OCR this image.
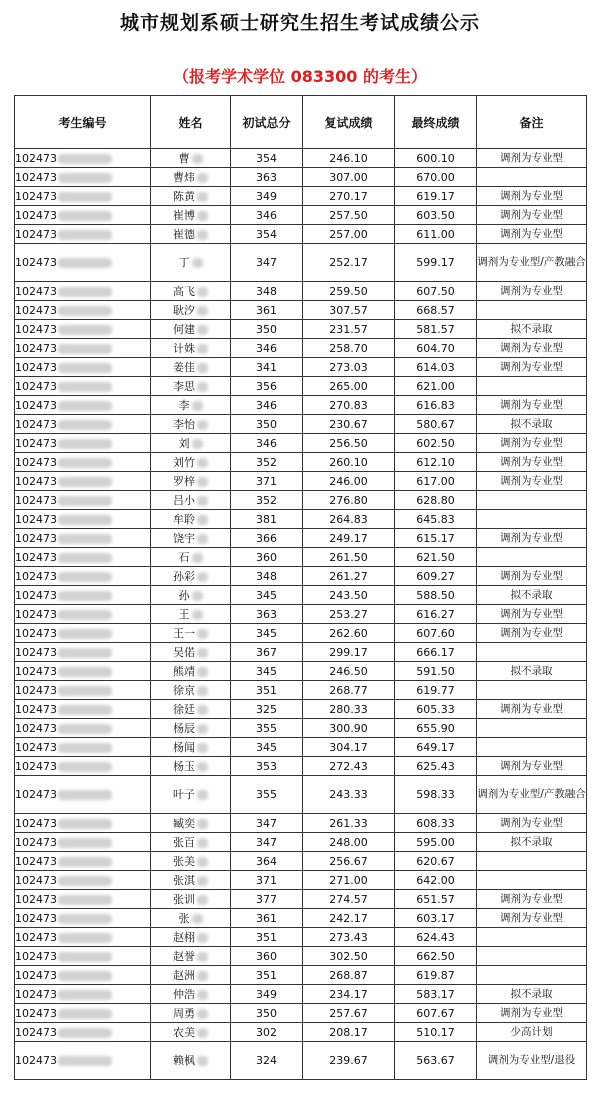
城市规划系硕士研究生招生考试成绩公示
（报考学术学位 083300 的考生）
考生编号	姓名	初试总分	复试成绩	最终成绩	备注
102473	曹	354	246.10	600.10	调剂为专业型
102473	曹炜	363	307.00	670.00	
102473	陈黄	349	270.17	619.17	调剂为专业型
102473	崔博	346	257.50	603.50	调剂为专业型
102473	崔德	354	257.00	611.00	调剂为专业型
102473	丁	347	252.17	599.17	调剂为专业型/产教融合
102473	高飞	348	259.50	607.50	调剂为专业型
102473	耿汐	361	307.57	668.57	
102473	何建	350	231.57	581.57	拟不录取
102473	计姝	346	258.70	604.70	调剂为专业型
102473	姜佳	341	273.03	614.03	调剂为专业型
102473	李思	356	265.00	621.00	
102473	李	346	270.83	616.83	调剂为专业型
102473	李怡	350	230.67	580.67	拟不录取
102473	刘	346	256.50	602.50	调剂为专业型
102473	刘竹	352	260.10	612.10	调剂为专业型
102473	罗梓	371	246.00	617.00	调剂为专业型
102473	吕小	352	276.80	628.80	
102473	牟聆	381	264.83	645.83	
102473	饶宇	366	249.17	615.17	调剂为专业型
102473	石	360	261.50	621.50	
102473	孙彩	348	261.27	609.27	调剂为专业型
102473	孙	345	243.50	588.50	拟不录取
102473	王	363	253.27	616.27	调剂为专业型
102473	王一	345	262.60	607.60	调剂为专业型
102473	吴偌	367	299.17	666.17	
102473	熊靖	345	246.50	591.50	拟不录取
102473	徐京	351	268.77	619.77	
102473	徐廷	325	280.33	605.33	调剂为专业型
102473	杨辰	355	300.90	655.90	
102473	杨闻	345	304.17	649.17	
102473	杨玉	353	272.43	625.43	调剂为专业型
102473	叶子	355	243.33	598.33	调剂为专业型/产教融合
102473	臧奕	347	261.33	608.33	调剂为专业型
102473	张百	347	248.00	595.00	拟不录取
102473	张美	364	256.67	620.67	
102473	张淇	371	271.00	642.00	
102473	张训	377	274.57	651.57	调剂为专业型
102473	张	361	242.17	603.17	调剂为专业型
102473	赵栩	351	273.43	624.43	
102473	赵誉	360	302.50	662.50	
102473	赵洲	351	268.87	619.87	
102473	仲浩	349	234.17	583.17	拟不录取
102473	周勇	350	257.67	607.67	调剂为专业型
102473	农美	302	208.17	510.17	少高计划
102473	赖枫	324	239.67	563.67	调剂为专业型/退役
